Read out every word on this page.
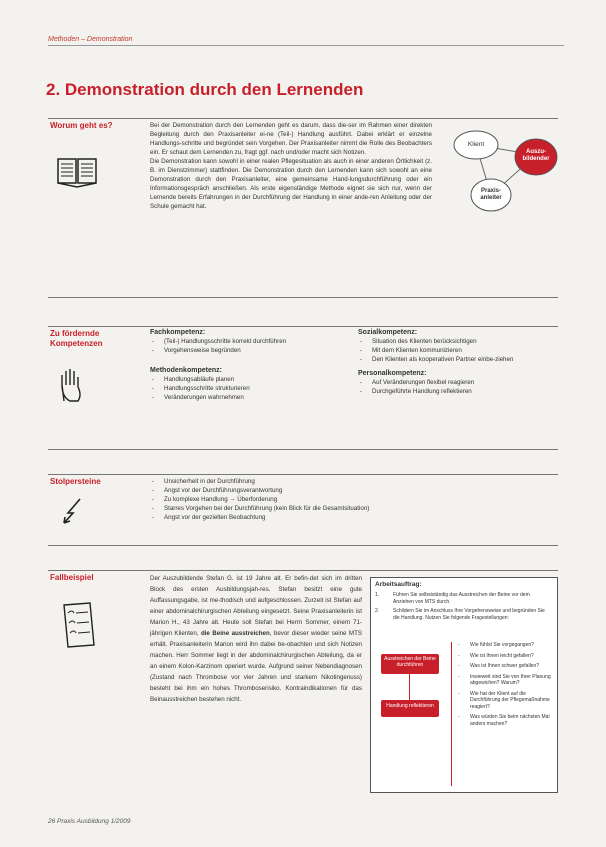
Methoden – Demonstration
2. Demonstration durch den Lernenden
Worum geht es?	Bei der Demonstration durch den Lernenden geht es darum, dass die-ser im Rahmen einer direkten Begleitung durch den Praxisanleiter ei-ne (Teil-) Handlung ausführt. Dabei erklärt er einzelne Handlungs-schritte und begründet sein Vorgehen. Der Praxisanleiter nimmt die Rolle des Beobachters ein. Er schaut dem Lernenden zu, fragt ggf. nach und/oder macht sich Notizen.

Die Demonstration kann sowohl in einer realen Pflegesituation als auch in einer anderen Örtlichkeit (z. B. im Dienstzimmer) stattfinden. Die Demonstration durch den Lernenden kann sich sowohl an eine Demonstration durch den Praxisanleiter, eine gemeinsame Hand-lungsdurchführung oder ein Informationsgespräch anschließen. Als erste eigenständige Methode eignet sie sich nur, wenn der Lernende bereits Erfahrungen in der Durchführung der Handlung in einer ande-ren Anleitung oder der Schule gemacht hat.

Klient
Auszu-bildender
Praxis-anleiter
Zu fördernde Kompetenzen
Fachkompetenz:
- (Teil-) Handlungsschritte korrekt durchführen
- Vorgehensweise begründen
Methodenkompetenz:
- Handlungsabläufe planen
- Handlungsschritte strukturieren
- Veränderungen wahrnehmen
Sozialkompetenz:
- Situation des Klienten berücksichtigen
- Mit dem Klienten kommunizieren
- Den Klienten als kooperativen Partner einbe-ziehen
Personalkompetenz:
- Auf Veränderungen flexibel reagieren
- Durchgeführte Handlung reflektieren
Stolpersteine
-	Unsicherheit in der Durchführung
- Angst vor der Durchführungsverantwortung
- Zu komplexe Handlung → Überforderung
- Starres Vorgehen bei der Durchführung (kein Blick für die Gesamtsituation)
- Angst vor der gezielten Beobachtung
Fallbeispiel	Der Auszubildende Stefan G. ist 19 Jahre alt. Er befin-det sich im dritten Block des ersten Ausbildungsjah-res. Stefan besitzt eine gute Auffassungsgabe, ist me-thodisch und aufgeschlossen. Zurzeit ist Stefan auf einer abdominalchirurgischen Abteilung eingesetzt. Seine Praxisanleiterin ist Marion H., 43 Jahre alt. Heute soll Stefan bei Herrn Sommer, einem 71-jährigen Klienten, die Beine ausstreichen, bevor dieser wieder seine MTS erhält. Praxisanleiterin Marion wird ihn dabei be-obachten und sich Notizen machen. Herr Sommer liegt in der abdominalchirurgischen Abteilung, da er an einem Kolon-Karzinom operiert wurde. Aufgrund seiner Nebendiagnosen (Zustand nach Thrombose vor vier Jahren und starkem Nikotingenuss) besteht bei ihm ein hohes Thromboserisiko. Kontraindikationen für das Beinausstreichen bestehen nicht.
Arbeitsauftrag:
1.	Führen Sie selbstständig das Ausstreichen der Beine vor dem Anziehen von MTS durch.
2.	Schildern Sie im Anschluss Ihre Vorgehensweise und begründen Sie die Handlung. Nutzen Sie folgende Fragestellungen:
Ausstreichen der Beine durchführen
Handlung reflektieren
- Wie fühlst Sie vorgegangen?
- Wie ist Ihnen leicht gefallen?
- Was ist Ihnen schwer gefallen?
- Inwieweit sind Sie von Ihrer Planung abgewichen? Warum?
- Wie hat der Klient auf die Durchführung der Pflegemaßnahme reagiert?
- Was würden Sie beim nächsten Mal anders machen?
26 Praxis Ausbildung 1/2009
